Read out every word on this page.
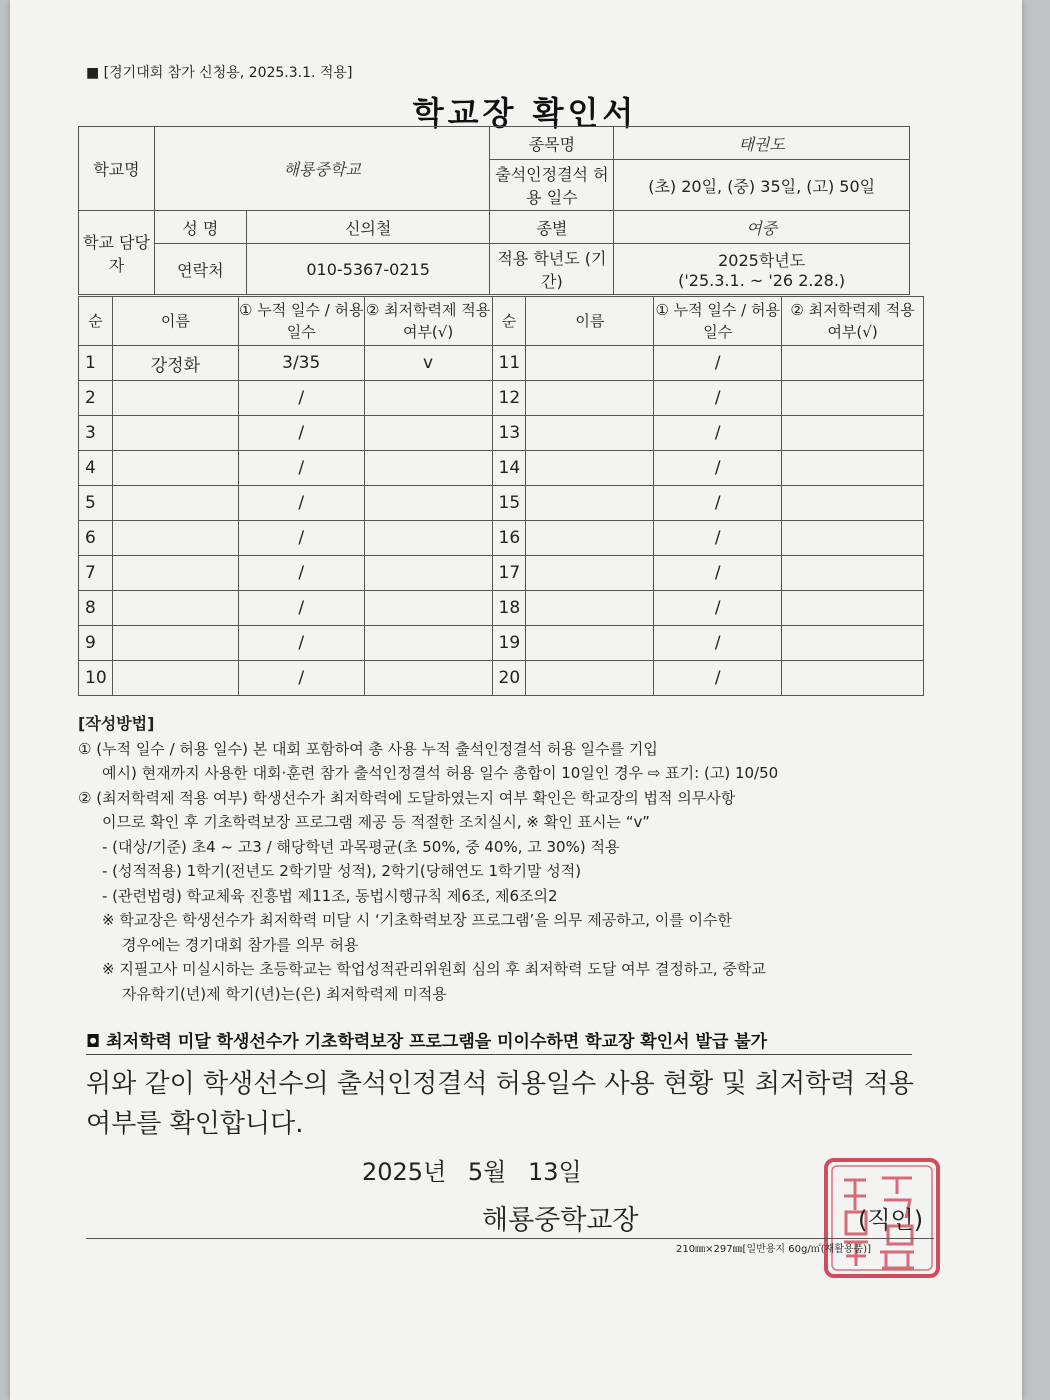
■ [경기대회 참가 신청용, 2025.3.1. 적용]
학교장 확인서
학교명	해룡중학교		종목명	태권도
			출석인정결석 허용 일수	(초) 20일, (중) 35일, (고) 50일
학교 담당자	성 명	신의철	종별	여중
	연락처	010-5367-0215	적용 학년도 (기간)	2025학년도
('25.3.1. ~ '26 2.28.)
순	이름	① 누적 일수 / 허용 일수	② 최저학력제 적용 여부(√)	순	이름	① 누적 일수 / 허용 일수	② 최저학력제 적용 여부(√)
1	강정화	3/35	v	11		/	
2		/		12		/	
3		/		13		/	
4		/		14		/	
5		/		15		/	
6		/		16		/	
7		/		17		/	
8		/		18		/	
9		/		19		/	
10		/		20		/	

[작성방법]

① (누적 일수 / 허용 일수) 본 대회 포함하여 총 사용 누적 출석인정결석 허용 일수를 기입

예시) 현재까지 사용한 대회·훈련 참가 출석인정결석 허용 일수 총합이 10일인 경우 ⇨ 표기: (고) 10/50

② (최저학력제 적용 여부) 학생선수가 최저학력에 도달하였는지 여부 확인은 학교장의 법적 의무사항

이므로 확인 후 기초학력보장 프로그램 제공 등 적절한 조치실시, ※ 확인 표시는 “v”

- (대상/기준) 초4 ~ 고3 / 해당학년 과목평균(초 50%, 중 40%, 고 30%) 적용

- (성적적용) 1학기(전년도 2학기말 성적), 2학기(당해연도 1학기말 성적)

- (관련법령) 학교체육 진흥법 제11조, 동법시행규칙 제6조, 제6조의2

※ 학교장은 학생선수가 최저학력 미달 시 ‘기초학력보장 프로그램’을 의무 제공하고, 이를 이수한

경우에는 경기대회 참가를 의무 허용

※ 지필고사 미실시하는 초등학교는 학업성적관리위원회 심의 후 최저학력 도달 여부 결정하고, 중학교

자유학기(년)제 학기(년)는(은) 최저학력제 미적용

◘ 최저학력 미달 학생선수가 기초학력보장 프로그램을 미이수하면 학교장 확인서 발급 불가
위와 같이 학생선수의 출석인정결석 허용일수 사용 현황 및 최저학력 적용 여부를 확인합니다.
2025년 5월 13일
해룡중학교장	(직인)
210㎜×297㎜[일반용지 60g/㎡(재활용품)]
